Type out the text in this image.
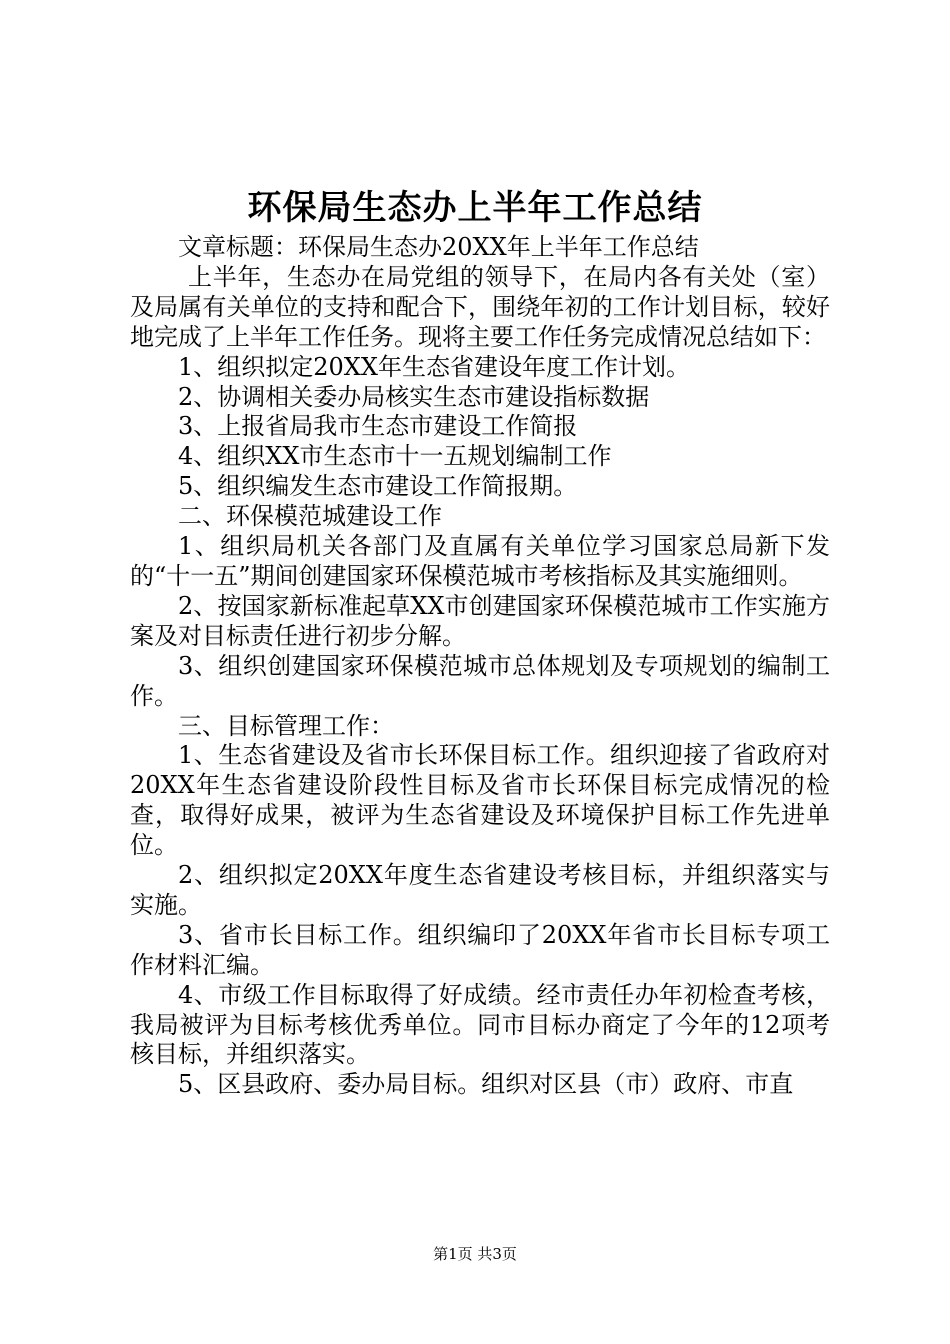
环保局生态办上半年工作总结

文章标题：环保局生态办20XX年上半年工作总结

上半年，生态办在局党组的领导下，在局内各有关处（室）及局属有关单位的支持和配合下，围绕年初的工作计划目标，较好地完成了上半年工作任务。现将主要工作任务完成情况总结如下：

1、组织拟定20XX年生态省建设年度工作计划。

2、协调相关委办局核实生态市建设指标数据

3、上报省局我市生态市建设工作简报

4、组织XX市生态市十一五规划编制工作

5、组织编发生态市建设工作简报期。

二、环保模范城建设工作

1、组织局机关各部门及直属有关单位学习国家总局新下发的“十一五”期间创建国家环保模范城市考核指标及其实施细则。

2、按国家新标准起草XX市创建国家环保模范城市工作实施方案及对目标责任进行初步分解。

3、组织创建国家环保模范城市总体规划及专项规划的编制工作。

三、目标管理工作：

1、生态省建设及省市长环保目标工作。组织迎接了省政府对20XX年生态省建设阶段性目标及省市长环保目标完成情况的检查，取得好成果，被评为生态省建设及环境保护目标工作先进单位。

2、组织拟定20XX年度生态省建设考核目标，并组织落实与实施。

3、省市长目标工作。组织编印了20XX年省市长目标专项工作材料汇编。

4、市级工作目标取得了好成绩。经市责任办年初检查考核，我局被评为目标考核优秀单位。同市目标办商定了今年的12项考核目标，并组织落实。

5、区县政府、委办局目标。组织对区县（市）政府、市直

第1页 共3页
